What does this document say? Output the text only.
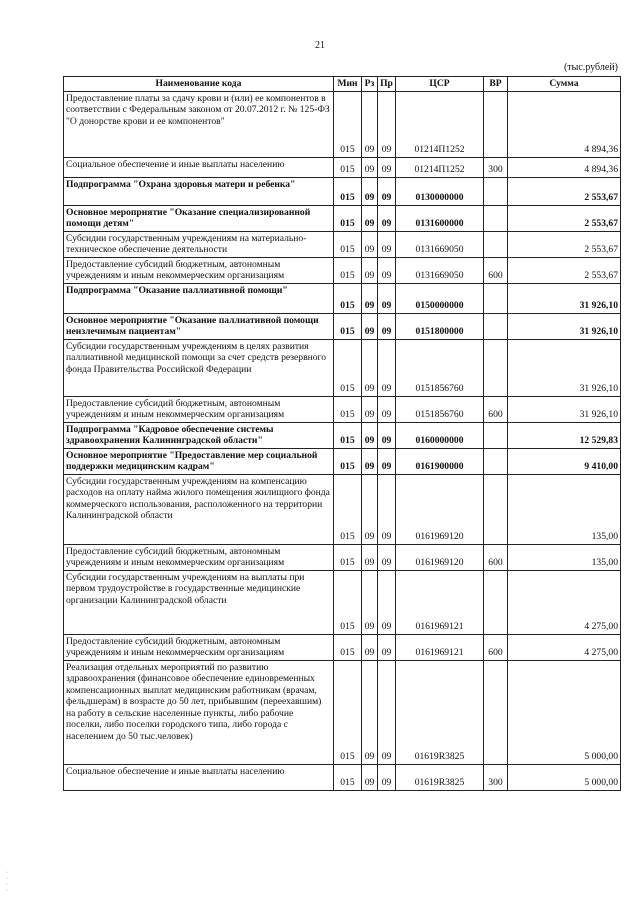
21
(тыс.рублей)
Наименование кода	Мин	Рз	Пр	ЦСР	ВР	Сумма
Предоставление платы за сдачу крови и (или) ее компонентов в соответствии с Федеральным законом от 20.07.2012 г. № 125-ФЗ "О донорстве крови и ее компонентов"	015	09	09	01214П1252		4 894,36
Социальное обеспечение и иные выплаты населению	015	09	09	01214П1252	300	4 894,36
Подпрограмма "Охрана здоровья матери и ребенка"	015	09	09	0130000000		2 553,67
Основное мероприятие "Оказание специализированной помощи детям"	015	09	09	0131600000		2 553,67
Субсидии государственным учреждениям на материально-техническое обеспечение деятельности	015	09	09	0131669050		2 553,67
Предоставление субсидий бюджетным, автономным учреждениям и иным некоммерческим организациям	015	09	09	0131669050	600	2 553,67
Подпрограмма "Оказание паллиативной помощи"	015	09	09	0150000000		31 926,10
Основное мероприятие "Оказание паллиативной помощи неизлечимым пациентам"	015	09	09	0151800000		31 926,10
Субсидии государственным учреждениям в целях развития паллиативной медицинской помощи за счет средств резервного фонда Правительства Российской Федерации	015	09	09	0151856760		31 926,10
Предоставление субсидий бюджетным, автономным учреждениям и иным некоммерческим организациям	015	09	09	0151856760	600	31 926,10
Подпрограмма "Кадровое обеспечение системы здравоохранения Калининградской области"	015	09	09	0160000000		12 529,83
Основное мероприятие "Предоставление мер социальной поддержки медицинским кадрам"	015	09	09	0161900000		9 410,00
Субсидии государственным учреждениям на компенсацию расходов на оплату найма жилого помещения жилищного фонда коммерческого использования, расположенного на территории Калининградской области	015	09	09	0161969120		135,00
Предоставление субсидий бюджетным, автономным учреждениям и иным некоммерческим организациям	015	09	09	0161969120	600	135,00
Субсидии государственным учреждениям на выплаты при первом трудоустройстве в государственные медицинские организации Калининградской области	015	09	09	0161969121		4 275,00
Предоставление субсидий бюджетным, автономным учреждениям и иным некоммерческим организациям	015	09	09	0161969121	600	4 275,00
Реализация отдельных мероприятий по развитию здравоохранения (финансовое обеспечение единовременных компенсационных выплат медицинским работникам (врачам, фельдшерам) в возрасте до 50 лет, прибывшим (переехавшим) на работу в сельские населенные пункты, либо рабочие поселки, либо поселки городского типа, либо города с населением до 50 тыс.человек)	015	09	09	01619R3825		5 000,00
Социальное обеспечение и иные выплаты населению	015	09	09	01619R3825	300	5 000,00
·
·
·
·
